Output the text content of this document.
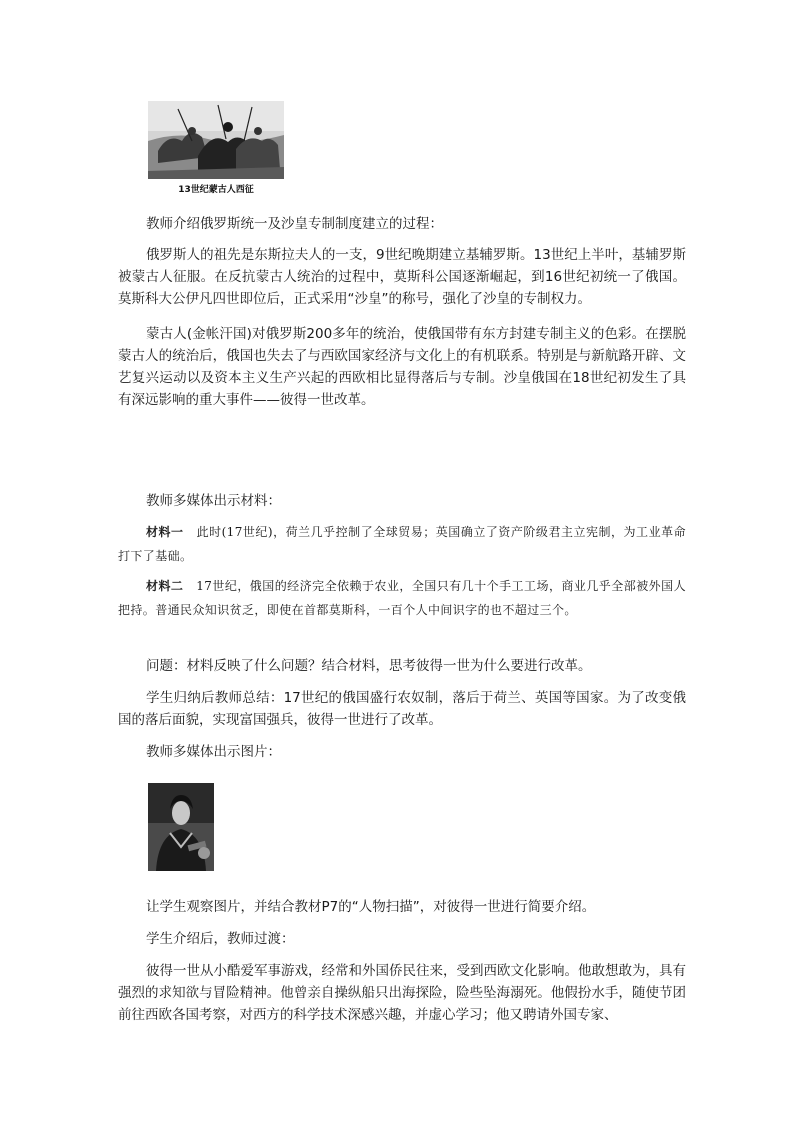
13世纪蒙古人西征

教师介绍俄罗斯统一及沙皇专制制度建立的过程：

俄罗斯人的祖先是东斯拉夫人的一支，9世纪晚期建立基辅罗斯。13世纪上半叶，基辅罗斯被蒙古人征服。在反抗蒙古人统治的过程中，莫斯科公国逐渐崛起，到16世纪初统一了俄国。莫斯科大公伊凡四世即位后，正式采用“沙皇”的称号，强化了沙皇的专制权力。

蒙古人(金帐汗国)对俄罗斯200多年的统治，使俄国带有东方封建专制主义的色彩。在摆脱蒙古人的统治后，俄国也失去了与西欧国家经济与文化上的有机联系。特别是与新航路开辟、文艺复兴运动以及资本主义生产兴起的西欧相比显得落后与专制。沙皇俄国在18世纪初发生了具有深远影响的重大事件——彼得一世改革。

教师多媒体出示材料：

材料一 此时(17世纪)，荷兰几乎控制了全球贸易；英国确立了资产阶级君主立宪制，为工业革命打下了基础。

材料二 17世纪，俄国的经济完全依赖于农业，全国只有几十个手工工场，商业几乎全部被外国人把持。普通民众知识贫乏，即使在首都莫斯科，一百个人中间识字的也不超过三个。

问题：材料反映了什么问题？结合材料，思考彼得一世为什么要进行改革。

学生归纳后教师总结：17世纪的俄国盛行农奴制，落后于荷兰、英国等国家。为了改变俄国的落后面貌，实现富国强兵，彼得一世进行了改革。

教师多媒体出示图片：

让学生观察图片，并结合教材P7的“人物扫描”，对彼得一世进行简要介绍。

学生介绍后，教师过渡：

彼得一世从小酷爱军事游戏，经常和外国侨民往来，受到西欧文化影响。他敢想敢为，具有强烈的求知欲与冒险精神。他曾亲自操纵船只出海探险，险些坠海溺死。他假扮水手，随使节团前往西欧各国考察，对西方的科学技术深感兴趣，并虚心学习；他又聘请外国专家、
